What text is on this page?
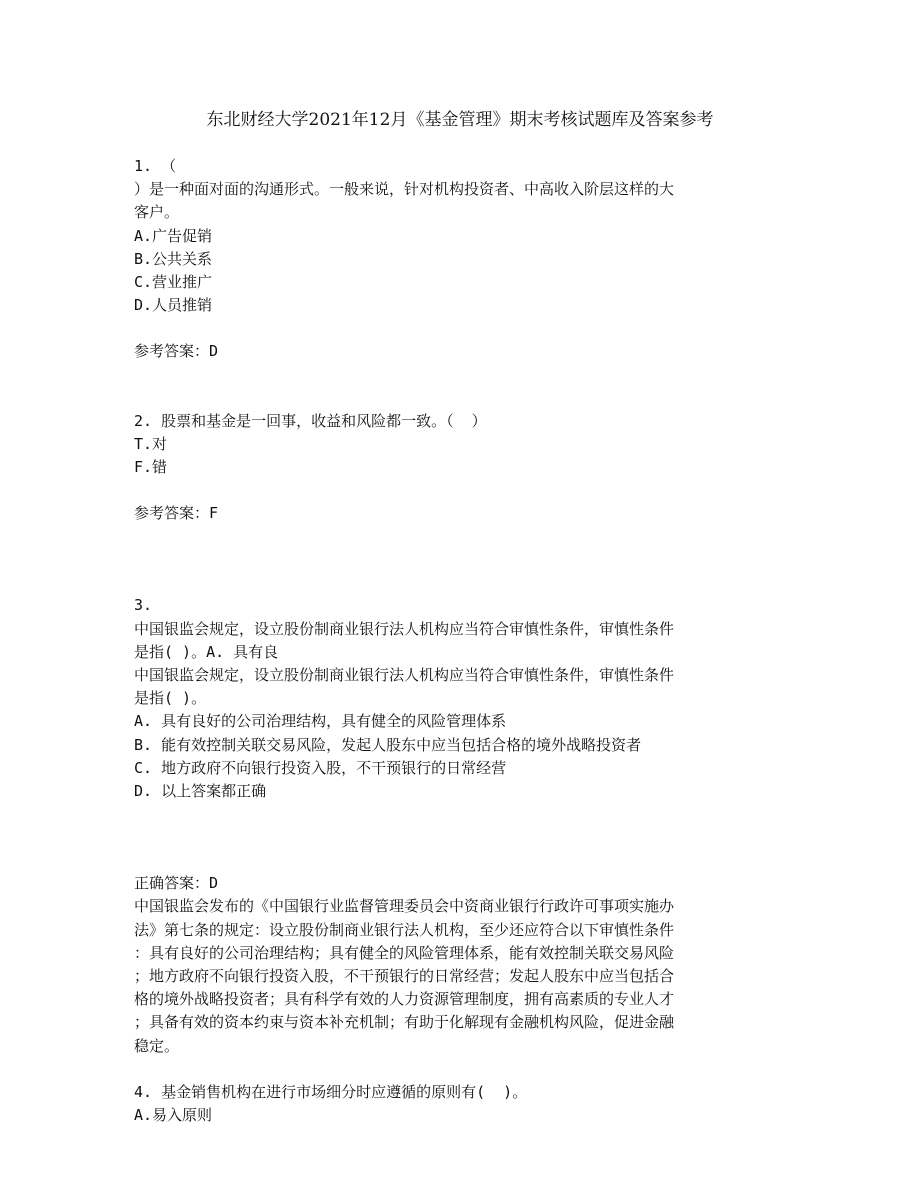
东北财经大学2021年12月《基金管理》期末考核试题库及答案参考
1. （
）是一种面对面的沟通形式。一般来说，针对机构投资者、中高收入阶层这样的大
客户。
A.广告促销
B.公共关系
C.营业推广
D.人员推销
参考答案：D
2. 股票和基金是一回事，收益和风险都一致。（  ）
T.对
F.错
参考答案：F
3.
中国银监会规定，设立股份制商业银行法人机构应当符合审慎性条件，审慎性条件
是指( )。A. 具有良
中国银监会规定，设立股份制商业银行法人机构应当符合审慎性条件，审慎性条件
是指( )。
A. 具有良好的公司治理结构，具有健全的风险管理体系
B. 能有效控制关联交易风险，发起人股东中应当包括合格的境外战略投资者
C. 地方政府不向银行投资入股，不干预银行的日常经营
D. 以上答案都正确
正确答案：D
中国银监会发布的《中国银行业监督管理委员会中资商业银行行政许可事项实施办
法》第七条的规定：设立股份制商业银行法人机构，至少还应符合以下审慎性条件
：具有良好的公司治理结构；具有健全的风险管理体系，能有效控制关联交易风险
；地方政府不向银行投资入股，不干预银行的日常经营；发起人股东中应当包括合
格的境外战略投资者；具有科学有效的人力资源管理制度，拥有高素质的专业人才
；具备有效的资本约束与资本补充机制；有助于化解现有金融机构风险，促进金融
稳定。
4. 基金销售机构在进行市场细分时应遵循的原则有(  )。
A.易入原则
